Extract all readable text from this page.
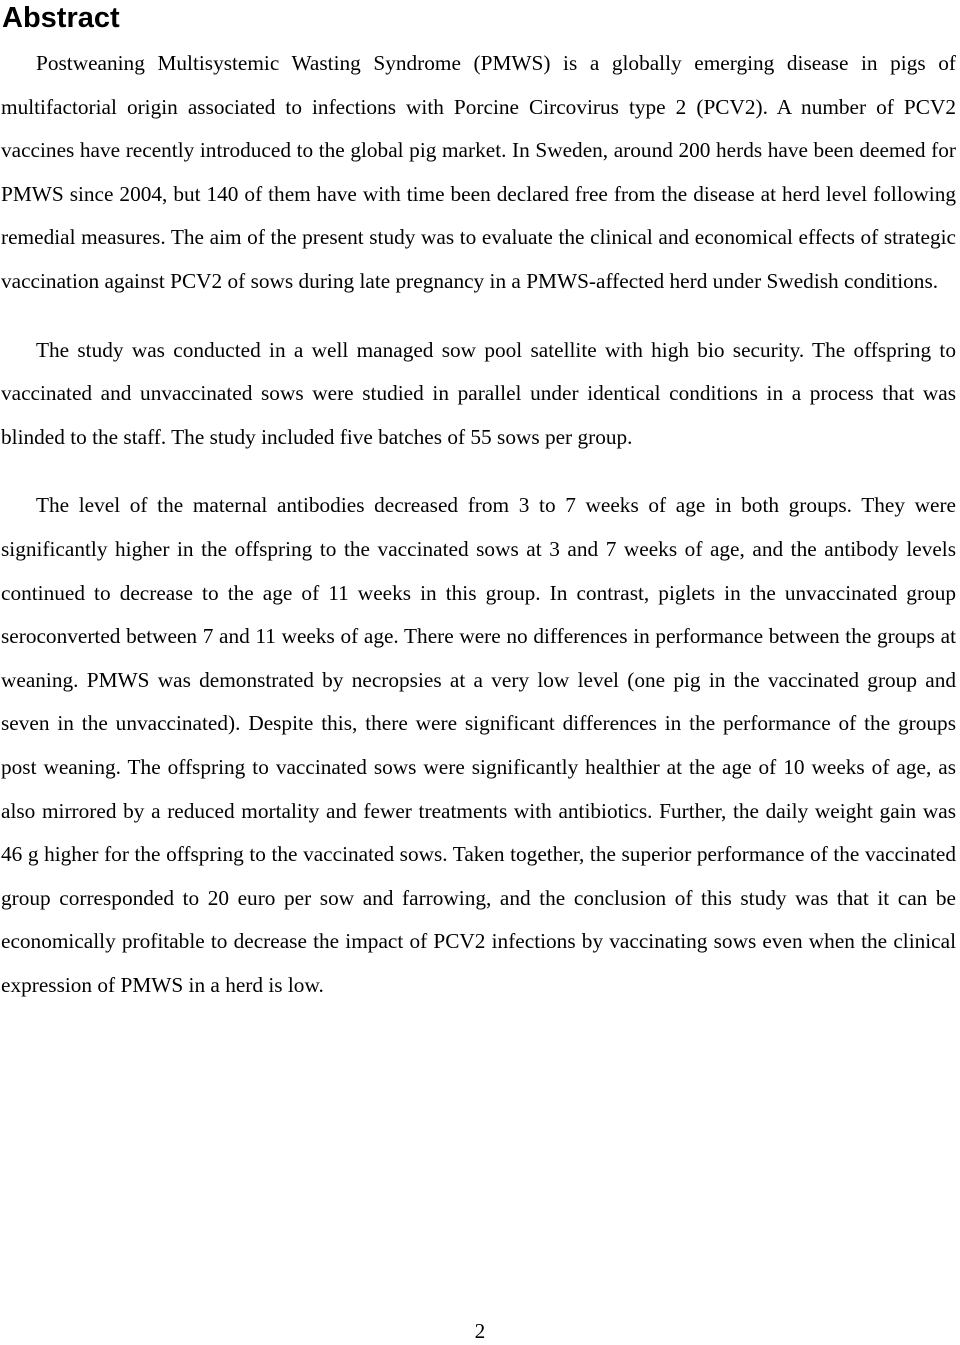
Abstract

Postweaning Multisystemic Wasting Syndrome (PMWS) is a globally emerging disease in pigs of multifactorial origin associated to infections with Porcine Circovirus type 2 (PCV2). A number of PCV2 vaccines have recently introduced to the global pig market. In Sweden, around 200 herds have been deemed for PMWS since 2004, but 140 of them have with time been declared free from the disease at herd level following remedial measures. The aim of the present study was to evaluate the clinical and economical effects of strategic vaccination against PCV2 of sows during late pregnancy in a PMWS-affected herd under Swedish conditions.

The study was conducted in a well managed sow pool satellite with high bio security. The offspring to vaccinated and unvaccinated sows were studied in parallel under identical conditions in a process that was blinded to the staff. The study included five batches of 55 sows per group.

The level of the maternal antibodies decreased from 3 to 7 weeks of age in both groups. They were significantly higher in the offspring to the vaccinated sows at 3 and 7 weeks of age, and the antibody levels continued to decrease to the age of 11 weeks in this group. In contrast, piglets in the unvaccinated group seroconverted between 7 and 11 weeks of age. There were no differences in performance between the groups at weaning. PMWS was demonstrated by necropsies at a very low level (one pig in the vaccinated group and seven in the unvaccinated). Despite this, there were significant differences in the performance of the groups post weaning. The offspring to vaccinated sows were significantly healthier at the age of 10 weeks of age, as also mirrored by a reduced mortality and fewer treatments with antibiotics. Further, the daily weight gain was 46 g higher for the offspring to the vaccinated sows. Taken together, the superior performance of the vaccinated group corresponded to 20 euro per sow and farrowing, and the conclusion of this study was that it can be economically profitable to decrease the impact of PCV2 infections by vaccinating sows even when the clinical expression of PMWS in a herd is low.

2
